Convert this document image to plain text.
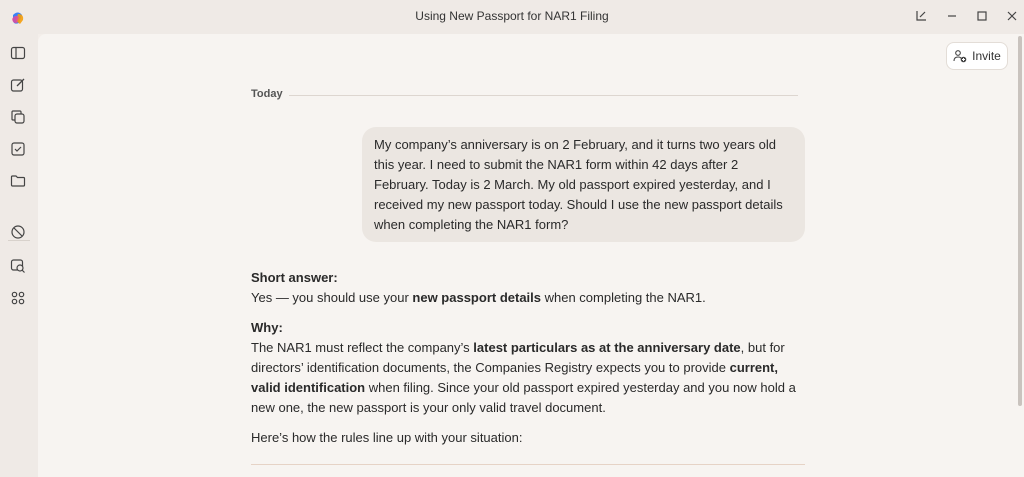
Using New Passport for NAR1 Filing
Invite
Today
My company’s anniversary is on 2 February, and it turns two years old this year. I need to submit the NAR1 form within 42 days after 2 February. Today is 2 March. My old passport expired yesterday, and I received my new passport today. Should I use the new passport details when completing the NAR1 form?

Short answer:

Yes — you should use your new passport details when completing the NAR1.

Why:

The NAR1 must reflect the company’s latest particulars as at the anniversary date, but for directors’ identification documents, the Companies Registry expects you to provide current, valid identification when filing. Since your old passport expired yesterday and you now hold a new one, the new passport is your only valid travel document.

Here’s how the rules line up with your situation:
